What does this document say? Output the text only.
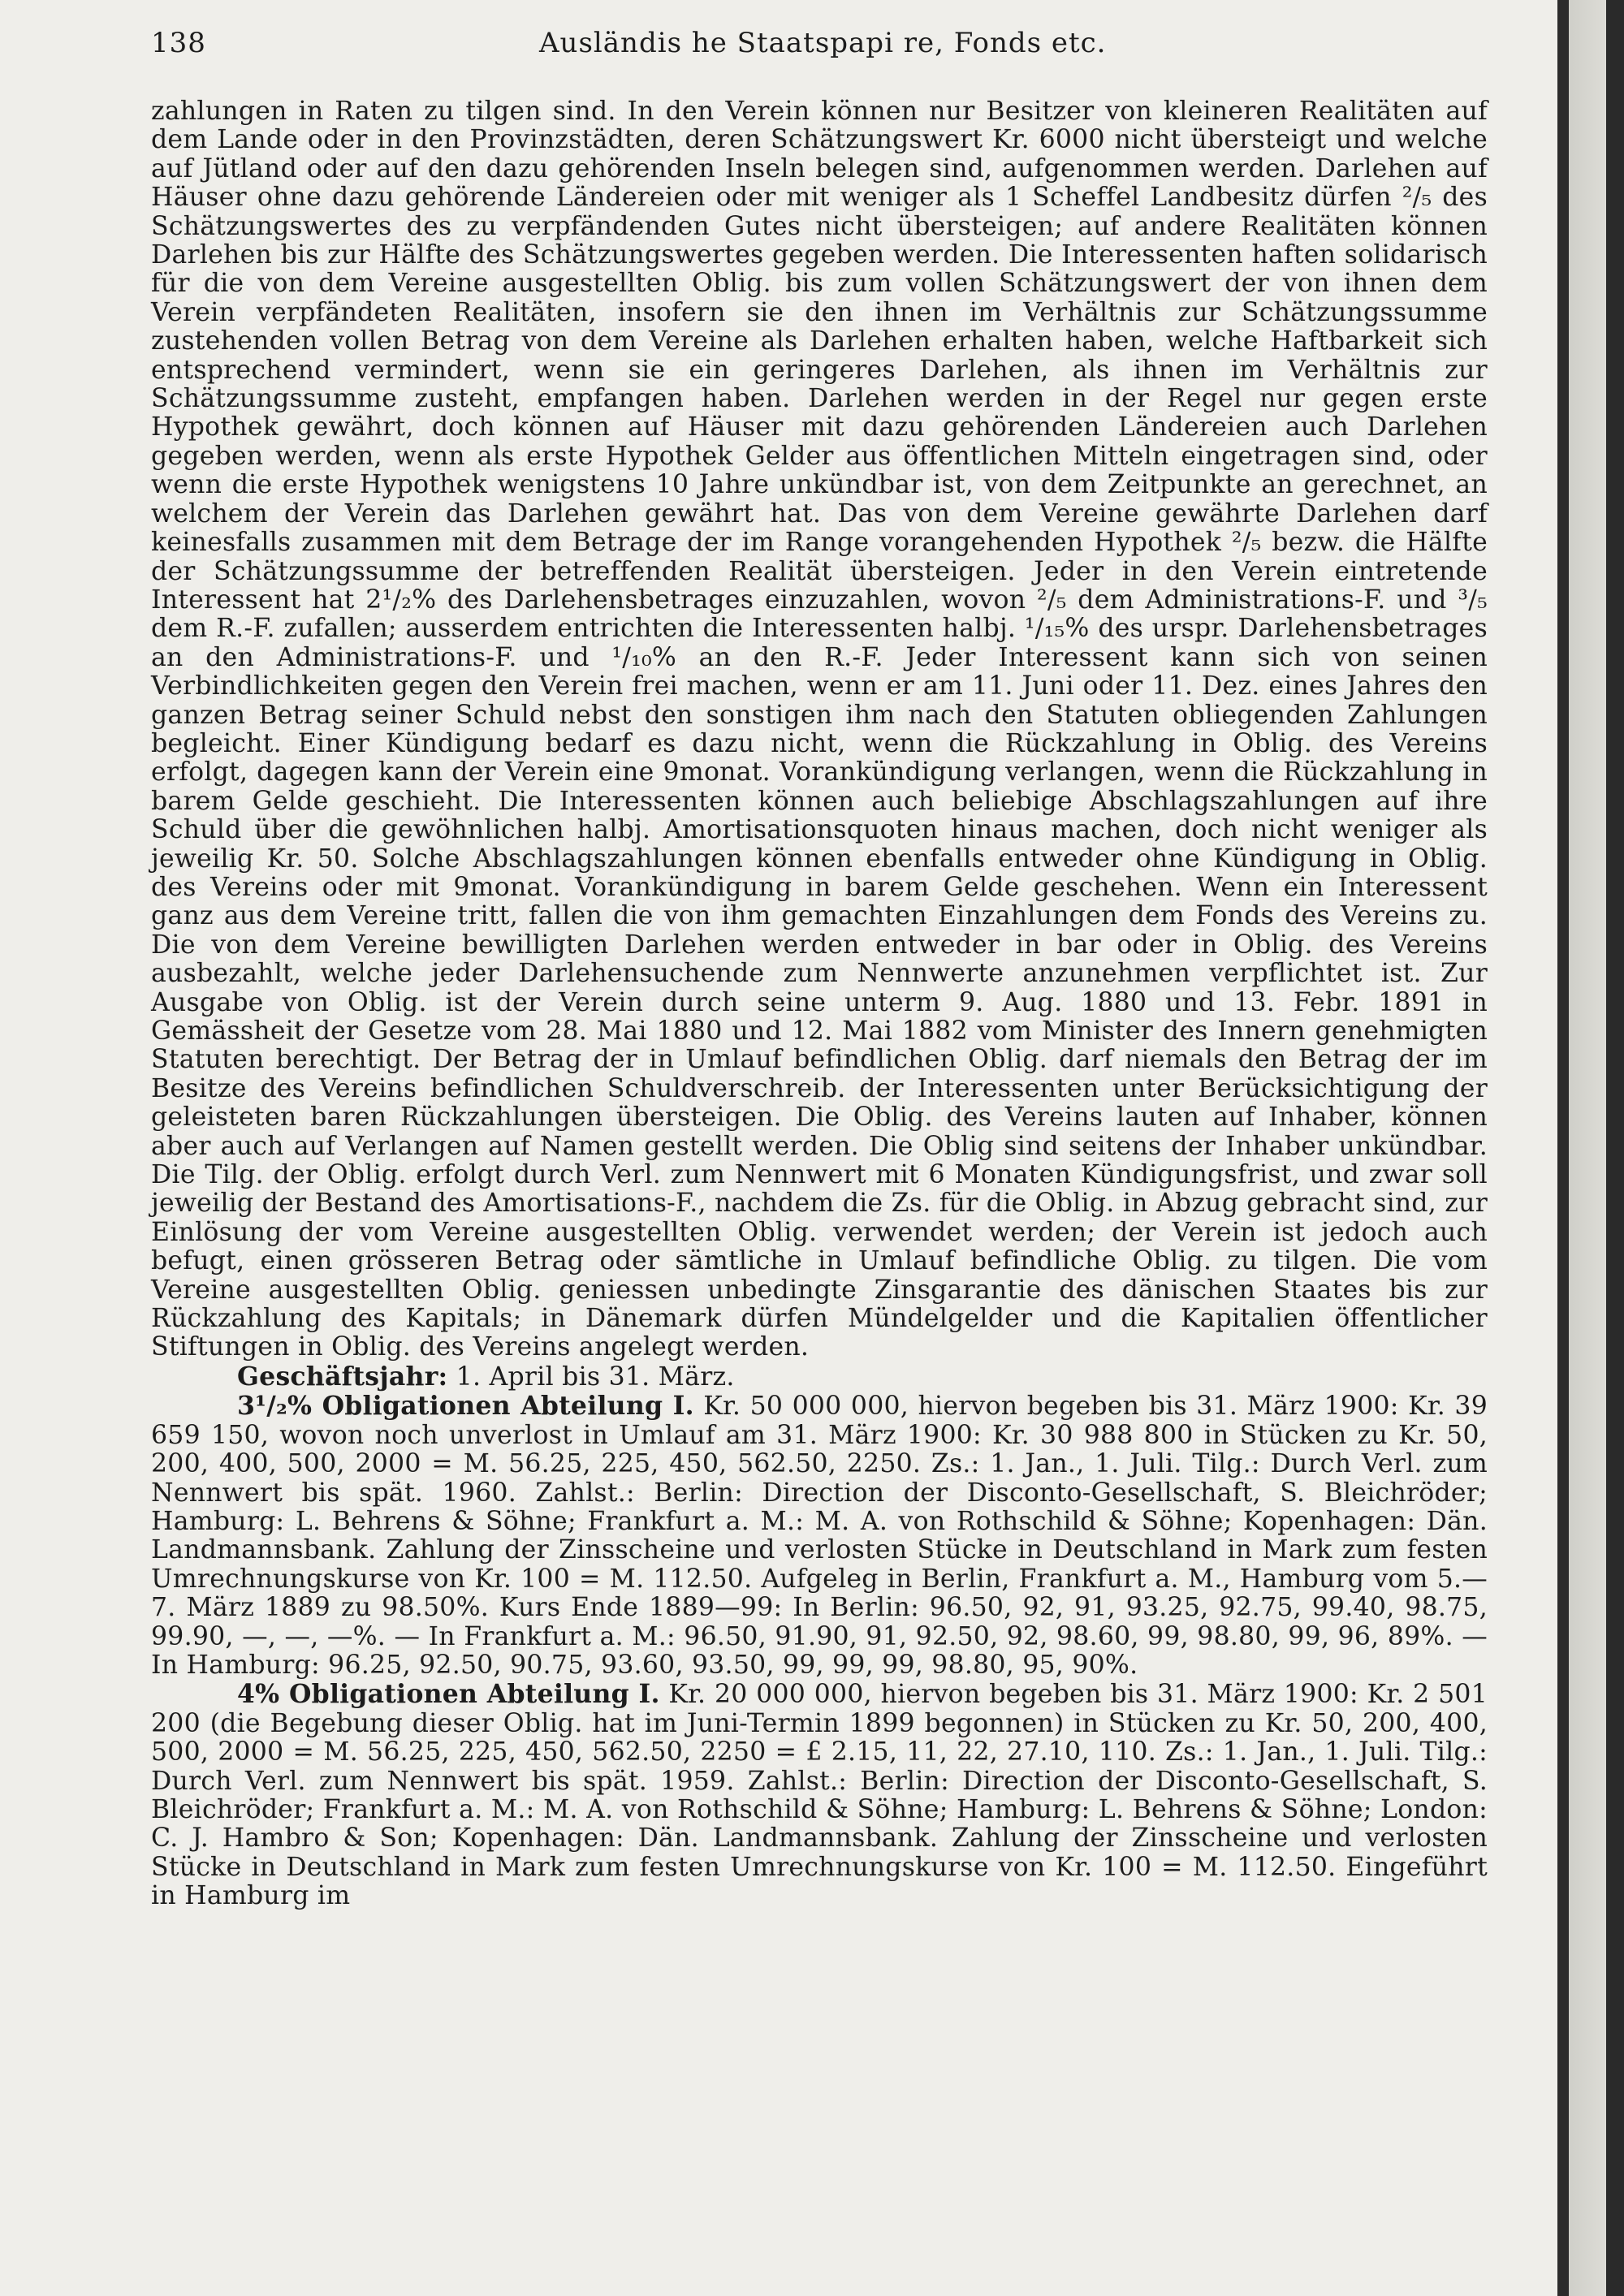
138	Ausländis he Staatspapi re, Fonds etc.

zahlungen in Raten zu tilgen sind. In den Verein können nur Besitzer von kleineren Realitäten auf dem Lande oder in den Provinzstädten, deren Schätzungswert Kr. 6000 nicht übersteigt und welche auf Jütland oder auf den dazu gehörenden Inseln belegen sind, aufgenommen werden. Darlehen auf Häuser ohne dazu gehörende Ländereien oder mit weniger als 1 Scheffel Landbesitz dürfen ²/₅ des Schätzungswertes des zu verpfändenden Gutes nicht übersteigen; auf andere Realitäten können Darlehen bis zur Hälfte des Schätzungswertes gegeben werden. Die Interessenten haften solidarisch für die von dem Vereine ausgestellten Oblig. bis zum vollen Schätzungswert der von ihnen dem Verein verpfändeten Realitäten, insofern sie den ihnen im Verhältnis zur Schätzungssumme zustehenden vollen Betrag von dem Vereine als Darlehen erhalten haben, welche Haftbarkeit sich entsprechend vermindert, wenn sie ein geringeres Darlehen, als ihnen im Verhältnis zur Schätzungssumme zusteht, empfangen haben. Darlehen werden in der Regel nur gegen erste Hypothek gewährt, doch können auf Häuser mit dazu gehörenden Ländereien auch Darlehen gegeben werden, wenn als erste Hypothek Gelder aus öffentlichen Mitteln eingetragen sind, oder wenn die erste Hypothek wenigstens 10 Jahre unkündbar ist, von dem Zeitpunkte an gerechnet, an welchem der Verein das Darlehen gewährt hat. Das von dem Vereine gewährte Darlehen darf keinesfalls zusammen mit dem Betrage der im Range vorangehenden Hypothek ²/₅ bezw. die Hälfte der Schätzungssumme der betreffenden Realität übersteigen. Jeder in den Verein eintretende Interessent hat 2¹/₂% des Darlehensbetrages einzuzahlen, wovon ²/₅ dem Administrations-F. und ³/₅ dem R.-F. zufallen; ausserdem entrichten die Interessenten halbj. ¹/₁₅% des urspr. Darlehensbetrages an den Administrations-F. und ¹/₁₀% an den R.-F. Jeder Interessent kann sich von seinen Verbindlichkeiten gegen den Verein frei machen, wenn er am 11. Juni oder 11. Dez. eines Jahres den ganzen Betrag seiner Schuld nebst den sonstigen ihm nach den Statuten obliegenden Zahlungen begleicht. Einer Kündigung bedarf es dazu nicht, wenn die Rückzahlung in Oblig. des Vereins erfolgt, dagegen kann der Verein eine 9monat. Vorankündigung verlangen, wenn die Rückzahlung in barem Gelde geschieht. Die Interessenten können auch beliebige Abschlagszahlungen auf ihre Schuld über die gewöhnlichen halbj. Amortisationsquoten hinaus machen, doch nicht weniger als jeweilig Kr. 50. Solche Abschlagszahlungen können ebenfalls entweder ohne Kündigung in Oblig. des Vereins oder mit 9monat. Vorankündigung in barem Gelde geschehen. Wenn ein Interessent ganz aus dem Vereine tritt, fallen die von ihm gemachten Einzahlungen dem Fonds des Vereins zu. Die von dem Vereine bewilligten Darlehen werden entweder in bar oder in Oblig. des Vereins ausbezahlt, welche jeder Darlehensuchende zum Nennwerte anzunehmen verpflichtet ist. Zur Ausgabe von Oblig. ist der Verein durch seine unterm 9. Aug. 1880 und 13. Febr. 1891 in Gemässheit der Gesetze vom 28. Mai 1880 und 12. Mai 1882 vom Minister des Innern genehmigten Statuten berechtigt. Der Betrag der in Umlauf befindlichen Oblig. darf niemals den Betrag der im Besitze des Vereins befindlichen Schuldverschreib. der Interessenten unter Berücksichtigung der geleisteten baren Rückzahlungen übersteigen. Die Oblig. des Vereins lauten auf Inhaber, können aber auch auf Verlangen auf Namen gestellt werden. Die Oblig sind seitens der Inhaber unkündbar. Die Tilg. der Oblig. erfolgt durch Verl. zum Nennwert mit 6 Monaten Kündigungsfrist, und zwar soll jeweilig der Bestand des Amortisations-F., nachdem die Zs. für die Oblig. in Abzug gebracht sind, zur Einlösung der vom Vereine ausgestellten Oblig. verwendet werden; der Verein ist jedoch auch befugt, einen grösseren Betrag oder sämtliche in Umlauf befindliche Oblig. zu tilgen. Die vom Vereine ausgestellten Oblig. geniessen unbedingte Zinsgarantie des dänischen Staates bis zur Rückzahlung des Kapitals; in Dänemark dürfen Mündelgelder und die Kapitalien öffentlicher Stiftungen in Oblig. des Vereins angelegt werden.

Geschäftsjahr: 1. April bis 31. März.

3¹/₂% Obligationen Abteilung I. Kr. 50 000 000, hiervon begeben bis 31. März 1900: Kr. 39 659 150, wovon noch unverlost in Umlauf am 31. März 1900: Kr. 30 988 800 in Stücken zu Kr. 50, 200, 400, 500, 2000 = M. 56.25, 225, 450, 562.50, 2250. Zs.: 1. Jan., 1. Juli. Tilg.: Durch Verl. zum Nennwert bis spät. 1960. Zahlst.: Berlin: Direction der Disconto-Gesellschaft, S. Bleichröder; Hamburg: L. Behrens & Söhne; Frankfurt a. M.: M. A. von Rothschild & Söhne; Kopenhagen: Dän. Landmannsbank. Zahlung der Zinsscheine und verlosten Stücke in Deutschland in Mark zum festen Umrechnungskurse von Kr. 100 = M. 112.50. Aufgeleg in Berlin, Frankfurt a. M., Hamburg vom 5.—7. März 1889 zu 98.50%. Kurs Ende 1889—99: In Berlin: 96.50, 92, 91, 93.25, 92.75, 99.40, 98.75, 99.90, —, —, —%. — In Frankfurt a. M.: 96.50, 91.90, 91, 92.50, 92, 98.60, 99, 98.80, 99, 96, 89%. — In Hamburg: 96.25, 92.50, 90.75, 93.60, 93.50, 99, 99, 99, 98.80, 95, 90%.

4% Obligationen Abteilung I. Kr. 20 000 000, hiervon begeben bis 31. März 1900: Kr. 2 501 200 (die Begebung dieser Oblig. hat im Juni-Termin 1899 begonnen) in Stücken zu Kr. 50, 200, 400, 500, 2000 = M. 56.25, 225, 450, 562.50, 2250 = £ 2.15, 11, 22, 27.10, 110. Zs.: 1. Jan., 1. Juli. Tilg.: Durch Verl. zum Nennwert bis spät. 1959. Zahlst.: Berlin: Direction der Disconto-Gesellschaft, S. Bleichröder; Frankfurt a. M.: M. A. von Rothschild & Söhne; Hamburg: L. Behrens & Söhne; London: C. J. Hambro & Son; Kopenhagen: Dän. Landmannsbank. Zahlung der Zinsscheine und verlosten Stücke in Deutschland in Mark zum festen Umrechnungskurse von Kr. 100 = M. 112.50. Eingeführt in Hamburg im
